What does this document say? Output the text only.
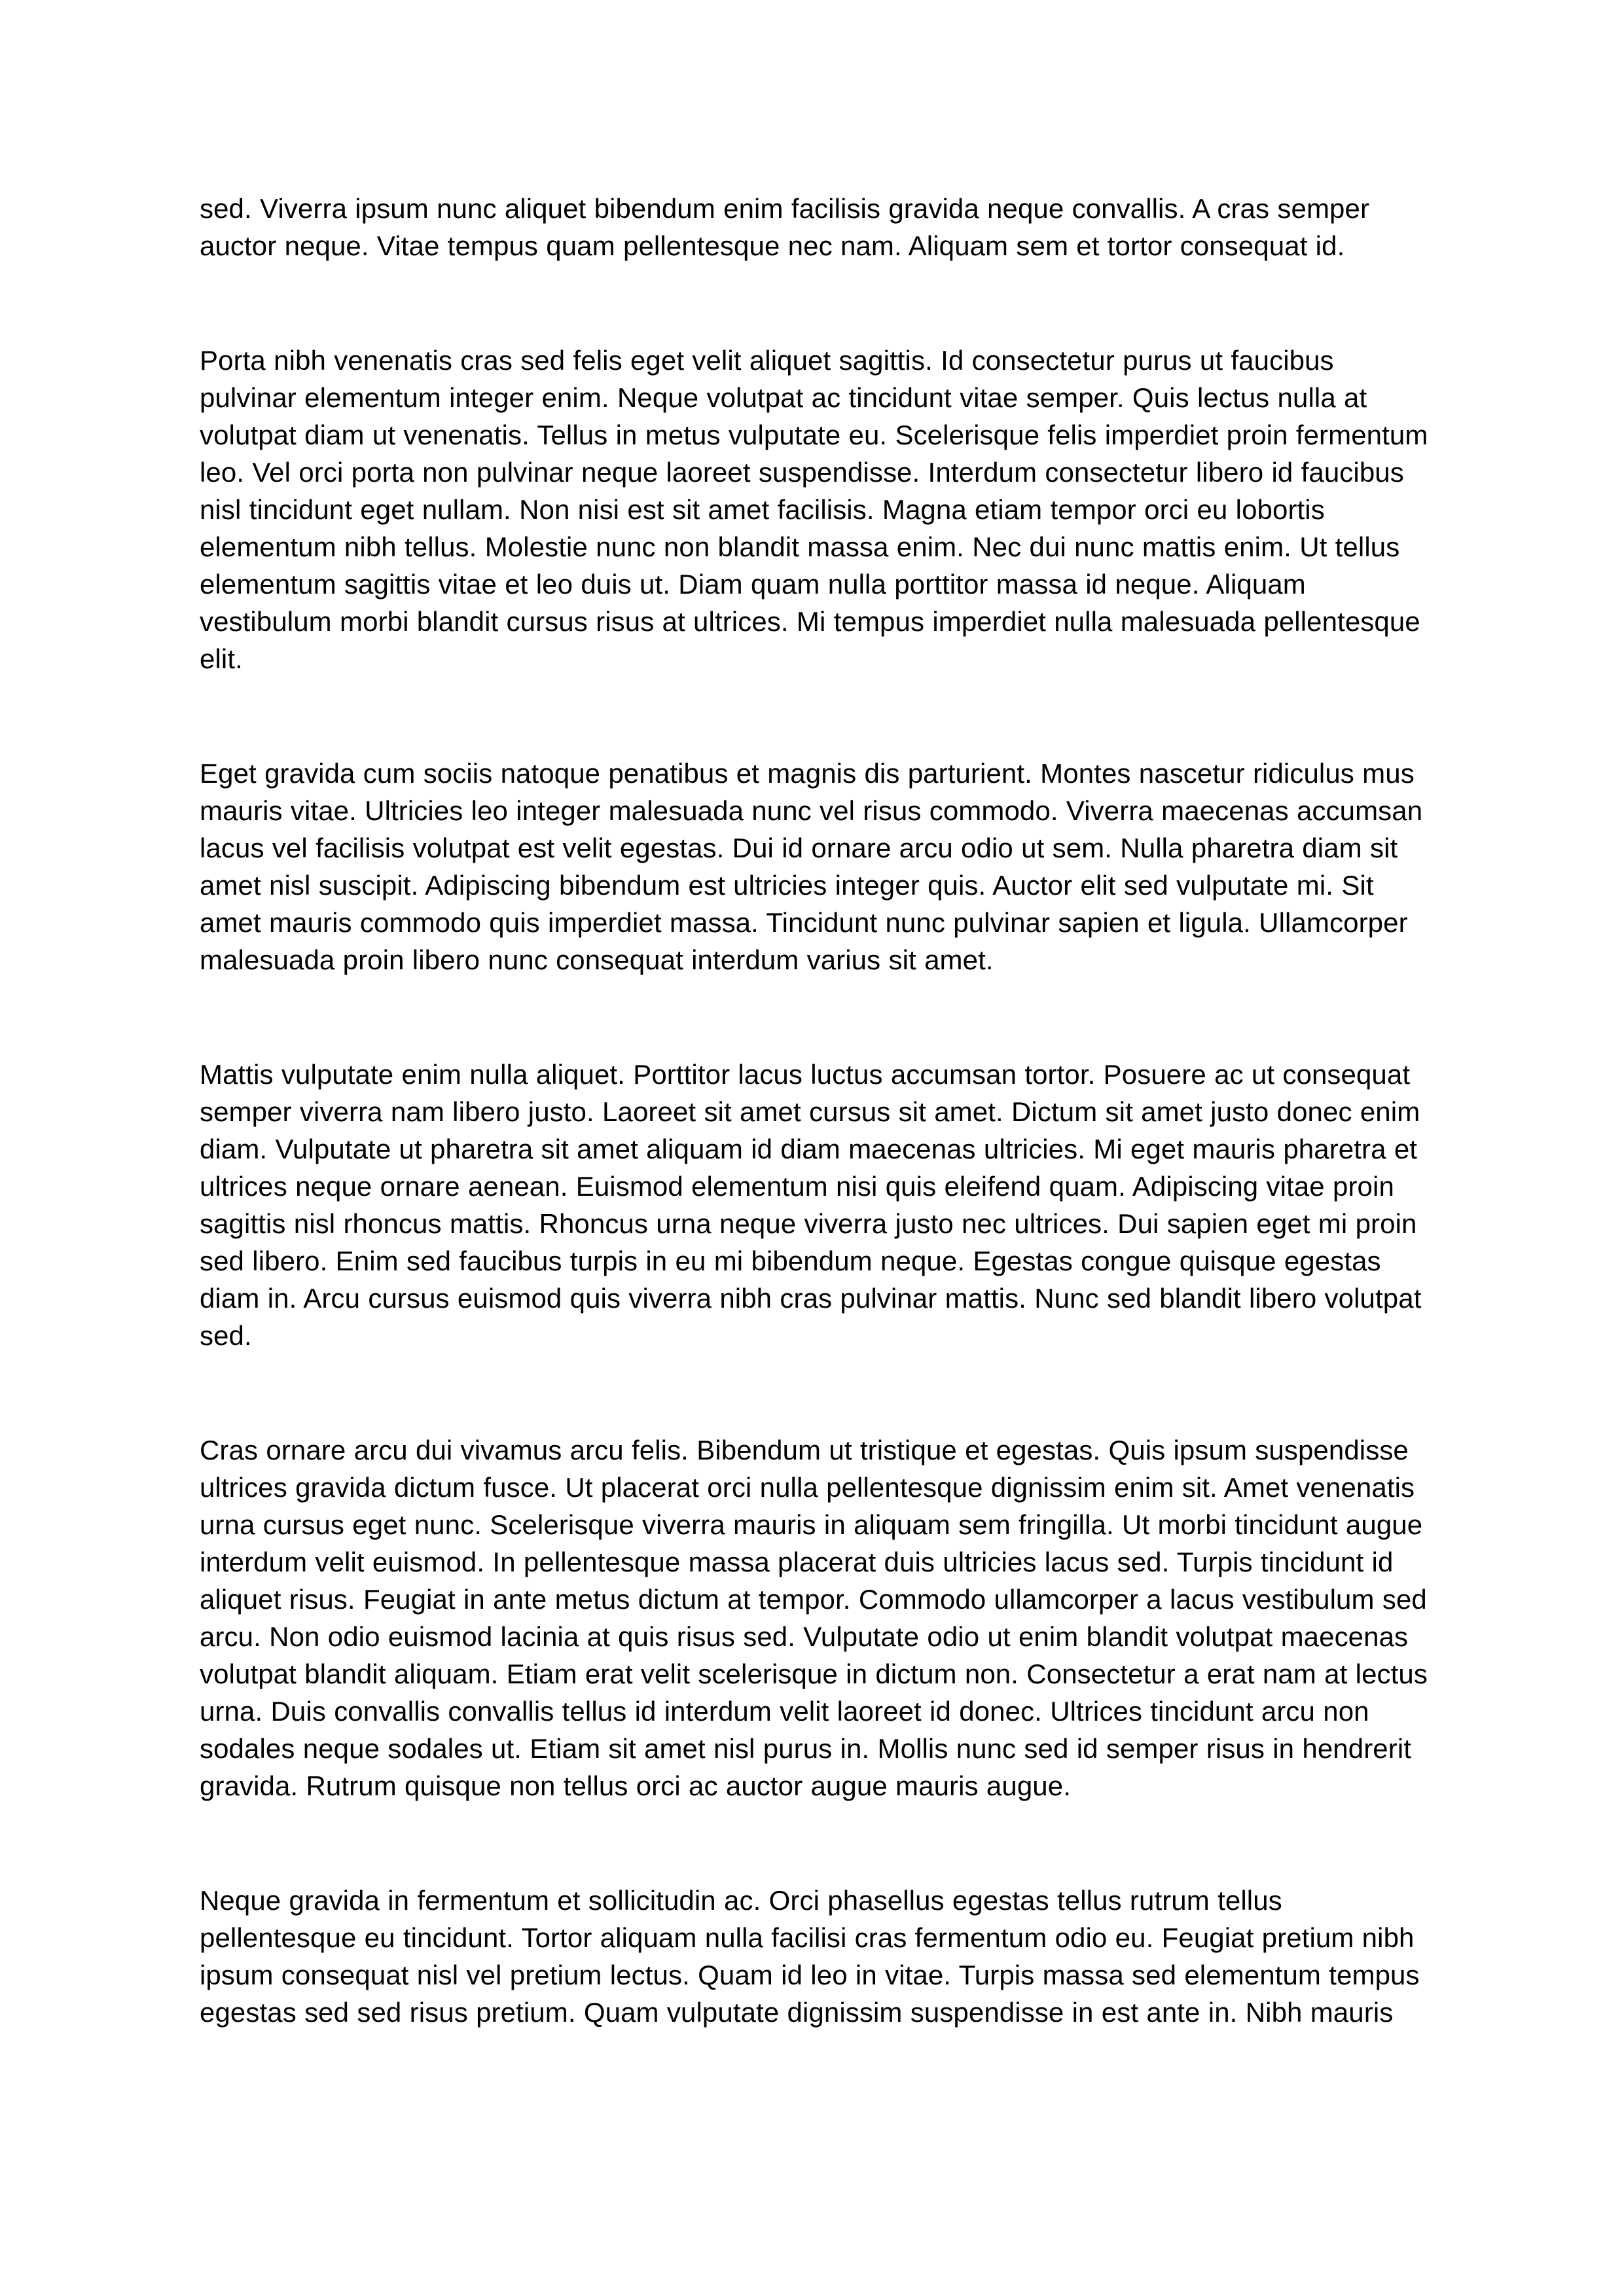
sed. Viverra ipsum nunc aliquet bibendum enim facilisis gravida neque convallis. A cras semper auctor neque. Vitae tempus quam pellentesque nec nam. Aliquam sem et tortor consequat id.

Porta nibh venenatis cras sed felis eget velit aliquet sagittis. Id consectetur purus ut faucibus pulvinar elementum integer enim. Neque volutpat ac tincidunt vitae semper. Quis lectus nulla at volutpat diam ut venenatis. Tellus in metus vulputate eu. Scelerisque felis imperdiet proin fermentum leo. Vel orci porta non pulvinar neque laoreet suspendisse. Interdum consectetur libero id faucibus nisl tincidunt eget nullam. Non nisi est sit amet facilisis. Magna etiam tempor orci eu lobortis elementum nibh tellus. Molestie nunc non blandit massa enim. Nec dui nunc mattis enim. Ut tellus elementum sagittis vitae et leo duis ut. Diam quam nulla porttitor massa id neque. Aliquam vestibulum morbi blandit cursus risus at ultrices. Mi tempus imperdiet nulla malesuada pellentesque elit.

Eget gravida cum sociis natoque penatibus et magnis dis parturient. Montes nascetur ridiculus mus mauris vitae. Ultricies leo integer malesuada nunc vel risus commodo. Viverra maecenas accumsan lacus vel facilisis volutpat est velit egestas. Dui id ornare arcu odio ut sem. Nulla pharetra diam sit amet nisl suscipit. Adipiscing bibendum est ultricies integer quis. Auctor elit sed vulputate mi. Sit amet mauris commodo quis imperdiet massa. Tincidunt nunc pulvinar sapien et ligula. Ullamcorper malesuada proin libero nunc consequat interdum varius sit amet.

Mattis vulputate enim nulla aliquet. Porttitor lacus luctus accumsan tortor. Posuere ac ut consequat semper viverra nam libero justo. Laoreet sit amet cursus sit amet. Dictum sit amet justo donec enim diam. Vulputate ut pharetra sit amet aliquam id diam maecenas ultricies. Mi eget mauris pharetra et ultrices neque ornare aenean. Euismod elementum nisi quis eleifend quam. Adipiscing vitae proin sagittis nisl rhoncus mattis. Rhoncus urna neque viverra justo nec ultrices. Dui sapien eget mi proin sed libero. Enim sed faucibus turpis in eu mi bibendum neque. Egestas congue quisque egestas diam in. Arcu cursus euismod quis viverra nibh cras pulvinar mattis. Nunc sed blandit libero volutpat sed.

Cras ornare arcu dui vivamus arcu felis. Bibendum ut tristique et egestas. Quis ipsum suspendisse ultrices gravida dictum fusce. Ut placerat orci nulla pellentesque dignissim enim sit. Amet venenatis urna cursus eget nunc. Scelerisque viverra mauris in aliquam sem fringilla. Ut morbi tincidunt augue interdum velit euismod. In pellentesque massa placerat duis ultricies lacus sed. Turpis tincidunt id aliquet risus. Feugiat in ante metus dictum at tempor. Commodo ullamcorper a lacus vestibulum sed arcu. Non odio euismod lacinia at quis risus sed. Vulputate odio ut enim blandit volutpat maecenas volutpat blandit aliquam. Etiam erat velit scelerisque in dictum non. Consectetur a erat nam at lectus urna. Duis convallis convallis tellus id interdum velit laoreet id donec. Ultrices tincidunt arcu non sodales neque sodales ut. Etiam sit amet nisl purus in. Mollis nunc sed id semper risus in hendrerit gravida. Rutrum quisque non tellus orci ac auctor augue mauris augue.

Neque gravida in fermentum et sollicitudin ac. Orci phasellus egestas tellus rutrum tellus pellentesque eu tincidunt. Tortor aliquam nulla facilisi cras fermentum odio eu. Feugiat pretium nibh ipsum consequat nisl vel pretium lectus. Quam id leo in vitae. Turpis massa sed elementum tempus egestas sed sed risus pretium. Quam vulputate dignissim suspendisse in est ante in. Nibh mauris
